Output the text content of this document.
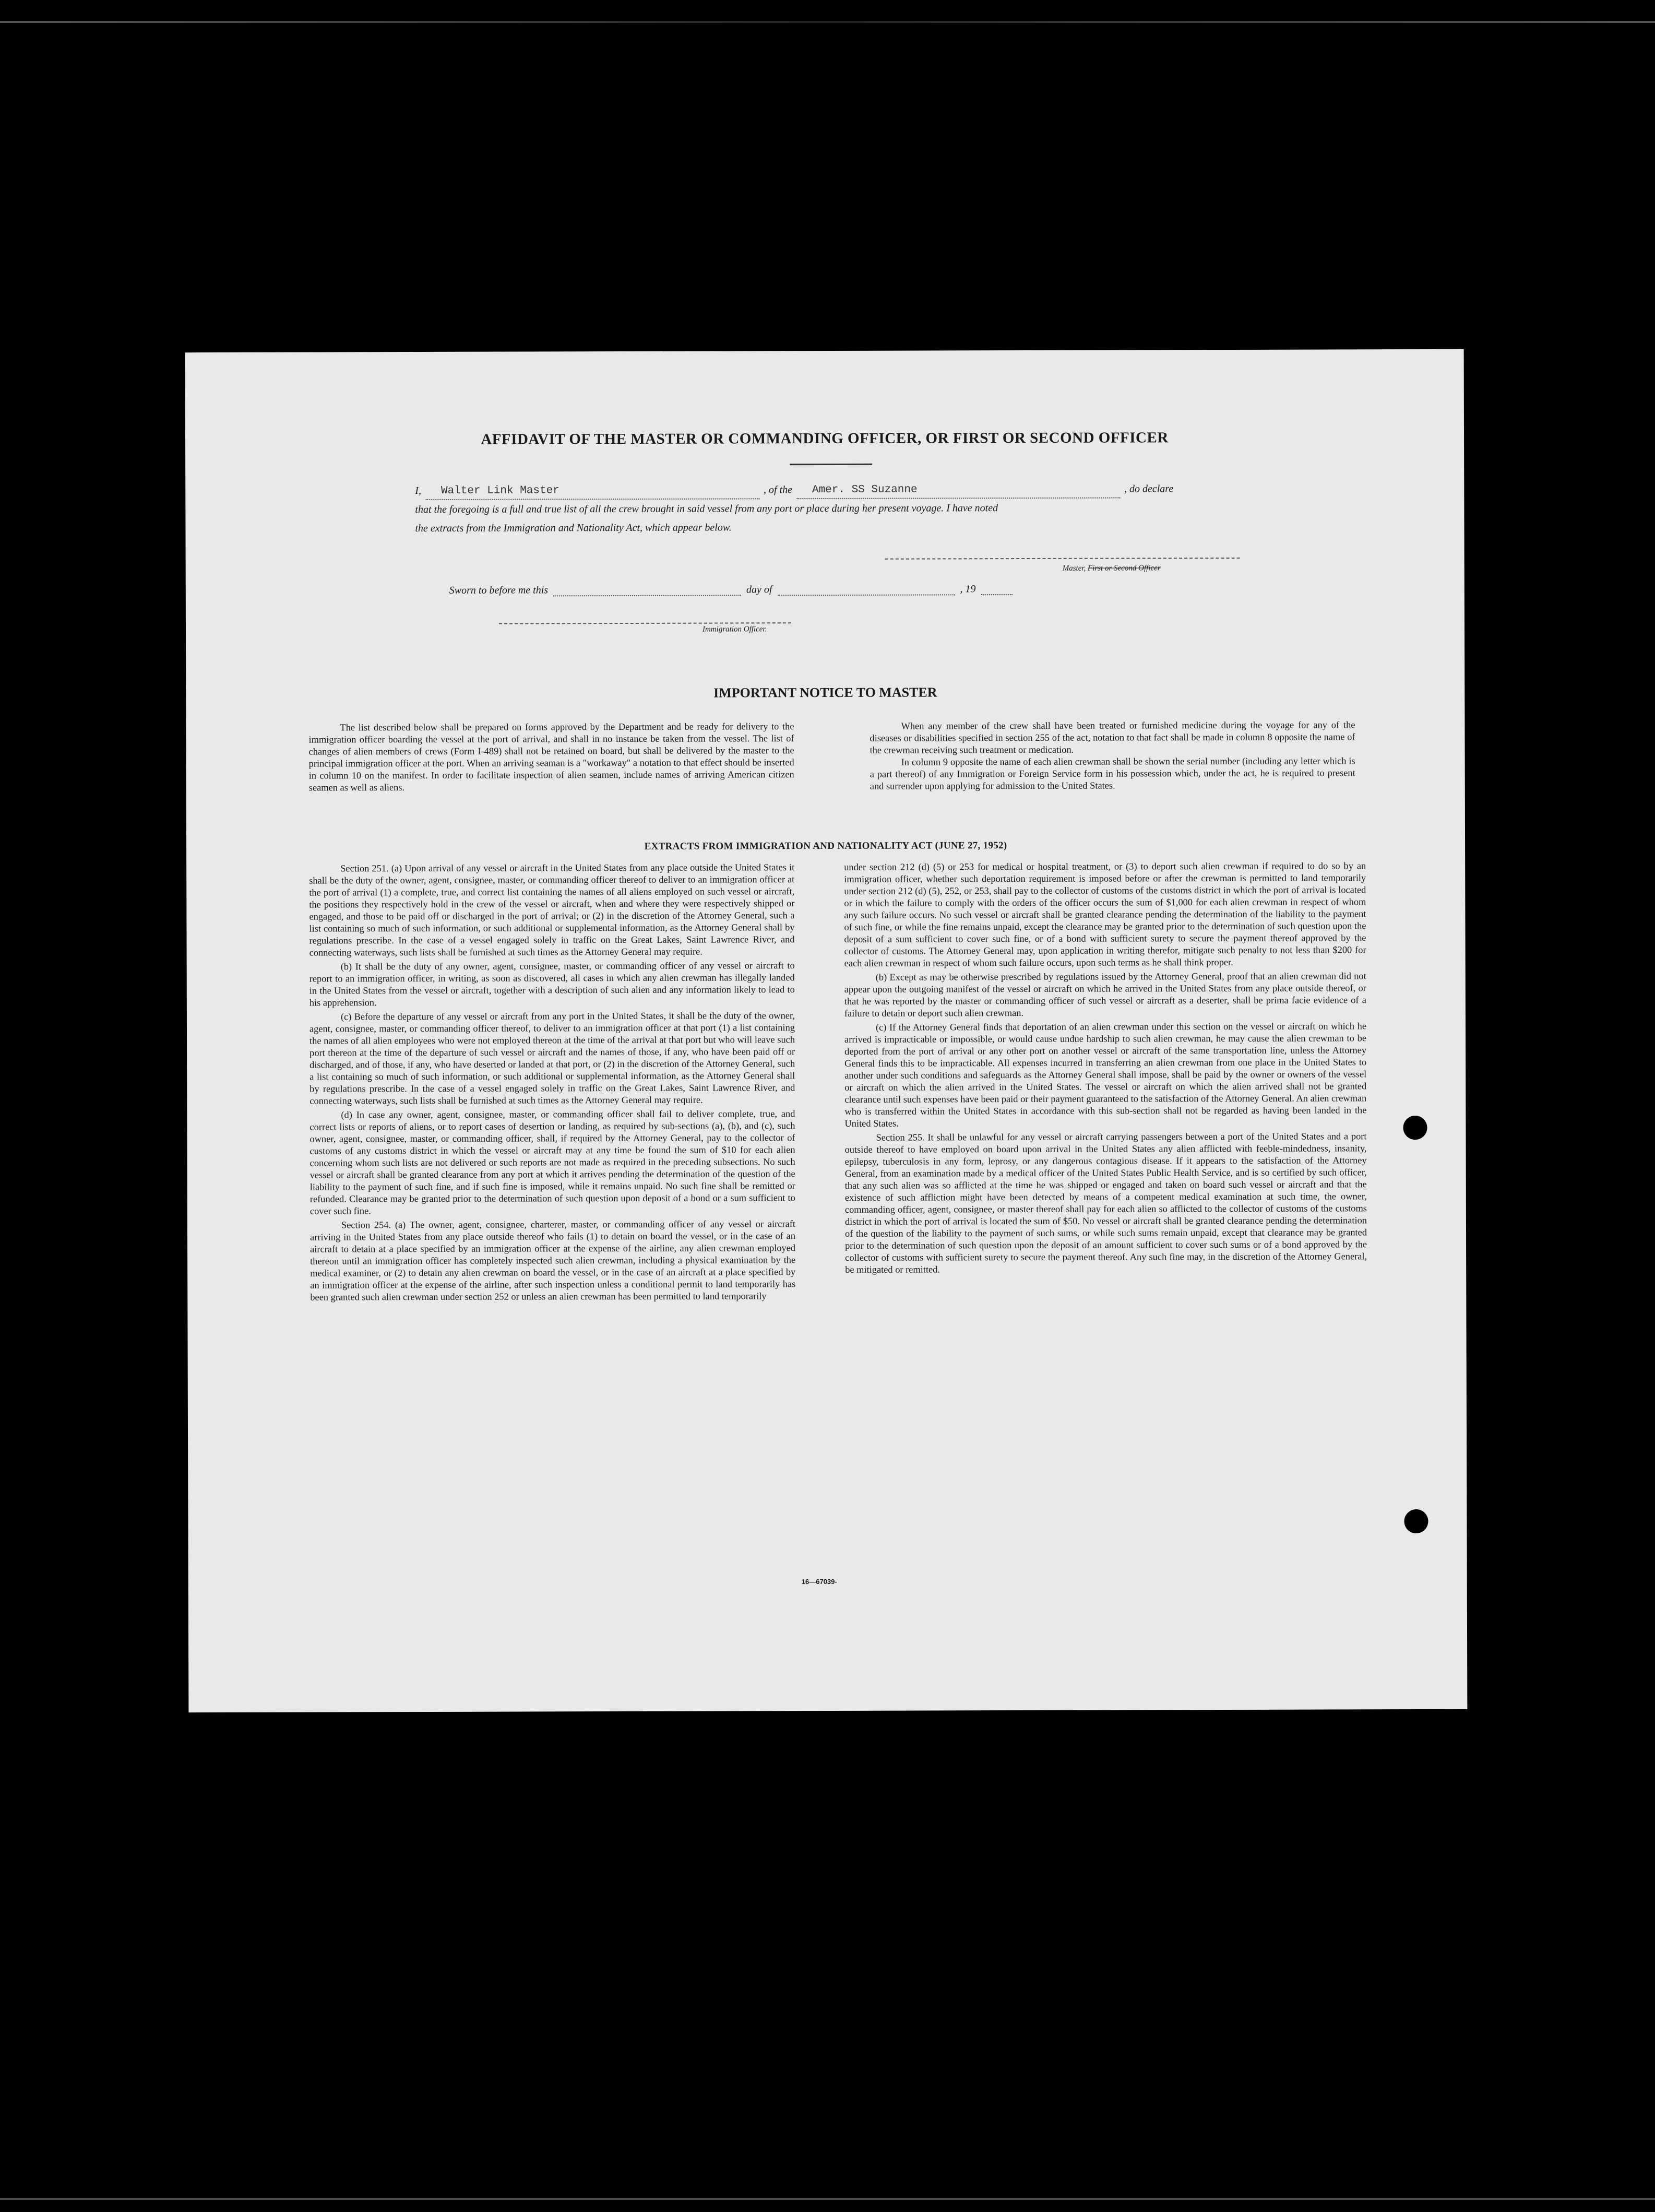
AFFIDAVIT OF THE MASTER OR COMMANDING OFFICER, OR FIRST OR SECOND OFFICER
I,	Walter Link Master	, of the	Amer. SS Suzanne	, do declare
that the foregoing is a full and true list of all the crew brought in said vessel from any port or place during her present voyage. I have noted
the extracts from the Immigration and Nationality Act, which appear below.
Master, First or Second Officer
Sworn to before me this	day of	, 19
Immigration Officer.
IMPORTANT NOTICE TO MASTER

The list described below shall be prepared on forms approved by the Department and be ready for delivery to the immigration officer boarding the vessel at the port of arrival, and shall in no instance be taken from the vessel. The list of changes of alien members of crews (Form I-489) shall not be retained on board, but shall be delivered by the master to the principal immigration officer at the port. When an arriving seaman is a "workaway" a notation to that effect should be inserted in column 10 on the manifest. In order to facilitate inspection of alien seamen, include names of arriving American citizen seamen as well as aliens.

When any member of the crew shall have been treated or furnished medicine during the voyage for any of the diseases or disabilities specified in section 255 of the act, notation to that fact shall be made in column 8 opposite the name of the crewman receiving such treatment or medication.

In column 9 opposite the name of each alien crewman shall be shown the serial number (including any letter which is a part thereof) of any Immigration or Foreign Service form in his possession which, under the act, he is required to present and surrender upon applying for admission to the United States.

EXTRACTS FROM IMMIGRATION AND NATIONALITY ACT (JUNE 27, 1952)

Section 251. (a) Upon arrival of any vessel or aircraft in the United States from any place outside the United States it shall be the duty of the owner, agent, consignee, master, or commanding officer thereof to deliver to an immigration officer at the port of arrival (1) a complete, true, and correct list containing the names of all aliens employed on such vessel or aircraft, the positions they respectively hold in the crew of the vessel or aircraft, when and where they were respectively shipped or engaged, and those to be paid off or discharged in the port of arrival; or (2) in the discretion of the Attorney General, such a list containing so much of such information, or such additional or supplemental information, as the Attorney General shall by regulations prescribe. In the case of a vessel engaged solely in traffic on the Great Lakes, Saint Lawrence River, and connecting waterways, such lists shall be furnished at such times as the Attorney General may require.

(b) It shall be the duty of any owner, agent, consignee, master, or commanding officer of any vessel or aircraft to report to an immigration officer, in writing, as soon as discovered, all cases in which any alien crewman has illegally landed in the United States from the vessel or aircraft, together with a description of such alien and any information likely to lead to his apprehension.

(c) Before the departure of any vessel or aircraft from any port in the United States, it shall be the duty of the owner, agent, consignee, master, or commanding officer thereof, to deliver to an immigration officer at that port (1) a list containing the names of all alien employees who were not employed thereon at the time of the arrival at that port but who will leave such port thereon at the time of the departure of such vessel or aircraft and the names of those, if any, who have been paid off or discharged, and of those, if any, who have deserted or landed at that port, or (2) in the discretion of the Attorney General, such a list containing so much of such information, or such additional or supplemental information, as the Attorney General shall by regulations prescribe. In the case of a vessel engaged solely in traffic on the Great Lakes, Saint Lawrence River, and connecting waterways, such lists shall be furnished at such times as the Attorney General may require.

(d) In case any owner, agent, consignee, master, or commanding officer shall fail to deliver complete, true, and correct lists or reports of aliens, or to report cases of desertion or landing, as required by sub-sections (a), (b), and (c), such owner, agent, consignee, master, or commanding officer, shall, if required by the Attorney General, pay to the collector of customs of any customs district in which the vessel or aircraft may at any time be found the sum of $10 for each alien concerning whom such lists are not delivered or such reports are not made as required in the preceding subsections. No such vessel or aircraft shall be granted clearance from any port at which it arrives pending the determination of the question of the liability to the payment of such fine, and if such fine is imposed, while it remains unpaid. No such fine shall be remitted or refunded. Clearance may be granted prior to the determination of such question upon deposit of a bond or a sum sufficient to cover such fine.

Section 254. (a) The owner, agent, consignee, charterer, master, or commanding officer of any vessel or aircraft arriving in the United States from any place outside thereof who fails (1) to detain on board the vessel, or in the case of an aircraft to detain at a place specified by an immigration officer at the expense of the airline, any alien crewman employed thereon until an immigration officer has completely inspected such alien crewman, including a physical examination by the medical examiner, or (2) to detain any alien crewman on board the vessel, or in the case of an aircraft at a place specified by an immigration officer at the expense of the airline, after such inspection unless a conditional permit to land temporarily has been granted such alien crewman under section 252 or unless an alien crewman has been permitted to land temporarily

under section 212 (d) (5) or 253 for medical or hospital treatment, or (3) to deport such alien crewman if required to do so by an immigration officer, whether such deportation requirement is imposed before or after the crewman is permitted to land temporarily under section 212 (d) (5), 252, or 253, shall pay to the collector of customs of the customs district in which the port of arrival is located or in which the failure to comply with the orders of the officer occurs the sum of $1,000 for each alien crewman in respect of whom any such failure occurs. No such vessel or aircraft shall be granted clearance pending the determination of the liability to the payment of such fine, or while the fine remains unpaid, except the clearance may be granted prior to the determination of such question upon the deposit of a sum sufficient to cover such fine, or of a bond with sufficient surety to secure the payment thereof approved by the collector of customs. The Attorney General may, upon application in writing therefor, mitigate such penalty to not less than $200 for each alien crewman in respect of whom such failure occurs, upon such terms as he shall think proper.

(b) Except as may be otherwise prescribed by regulations issued by the Attorney General, proof that an alien crewman did not appear upon the outgoing manifest of the vessel or aircraft on which he arrived in the United States from any place outside thereof, or that he was reported by the master or commanding officer of such vessel or aircraft as a deserter, shall be prima facie evidence of a failure to detain or deport such alien crewman.

(c) If the Attorney General finds that deportation of an alien crewman under this section on the vessel or aircraft on which he arrived is impracticable or impossible, or would cause undue hardship to such alien crewman, he may cause the alien crewman to be deported from the port of arrival or any other port on another vessel or aircraft of the same transportation line, unless the Attorney General finds this to be impracticable. All expenses incurred in transferring an alien crewman from one place in the United States to another under such conditions and safeguards as the Attorney General shall impose, shall be paid by the owner or owners of the vessel or aircraft on which the alien arrived in the United States. The vessel or aircraft on which the alien arrived shall not be granted clearance until such expenses have been paid or their payment guaranteed to the satisfaction of the Attorney General. An alien crewman who is transferred within the United States in accordance with this sub-section shall not be regarded as having been landed in the United States.

Section 255. It shall be unlawful for any vessel or aircraft carrying passengers between a port of the United States and a port outside thereof to have employed on board upon arrival in the United States any alien afflicted with feeble-mindedness, insanity, epilepsy, tuberculosis in any form, leprosy, or any dangerous contagious disease. If it appears to the satisfaction of the Attorney General, from an examination made by a medical officer of the United States Public Health Service, and is so certified by such officer, that any such alien was so afflicted at the time he was shipped or engaged and taken on board such vessel or aircraft and that the existence of such affliction might have been detected by means of a competent medical examination at such time, the owner, commanding officer, agent, consignee, or master thereof shall pay for each alien so afflicted to the collector of customs of the customs district in which the port of arrival is located the sum of $50. No vessel or aircraft shall be granted clearance pending the determination of the question of the liability to the payment of such sums, or while such sums remain unpaid, except that clearance may be granted prior to the determination of such question upon the deposit of an amount sufficient to cover such sums or of a bond approved by the collector of customs with sufficient surety to secure the payment thereof. Any such fine may, in the discretion of the Attorney General, be mitigated or remitted.

16—67039-
